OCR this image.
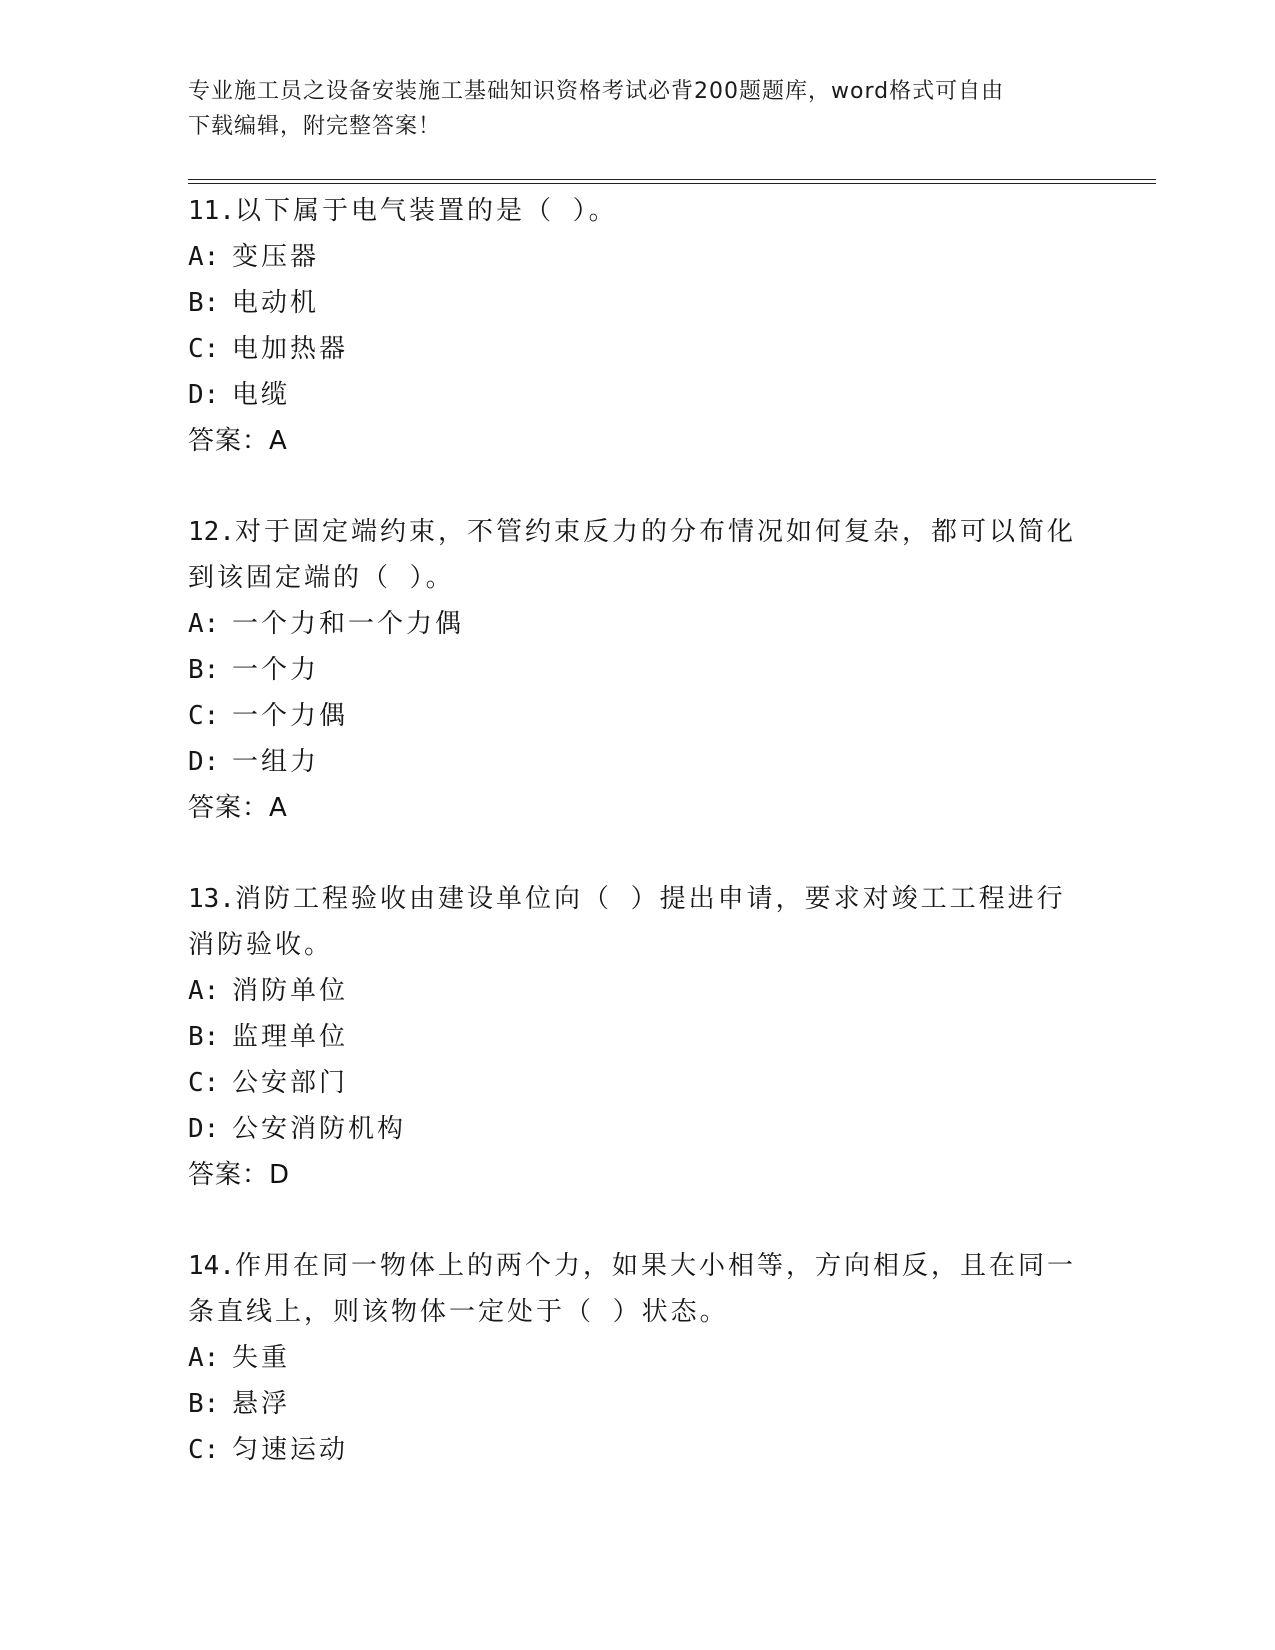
专业施工员之设备安装施工基础知识资格考试必背200题题库，word格式可自由
下载编辑，附完整答案！
11.以下属于电气装置的是（ ）。
A: 变压器
B: 电动机
C: 电加热器
D: 电缆
答案：A
12.对于固定端约束，不管约束反力的分布情况如何复杂，都可以简化
到该固定端的（ ）。
A: 一个力和一个力偶
B: 一个力
C: 一个力偶
D: 一组力
答案：A
13.消防工程验收由建设单位向（ ）提出申请，要求对竣工工程进行
消防验收。
A: 消防单位
B: 监理单位
C: 公安部门
D: 公安消防机构
答案：D
14.作用在同一物体上的两个力，如果大小相等，方向相反，且在同一
条直线上，则该物体一定处于（ ）状态。
A: 失重
B: 悬浮
C: 匀速运动
